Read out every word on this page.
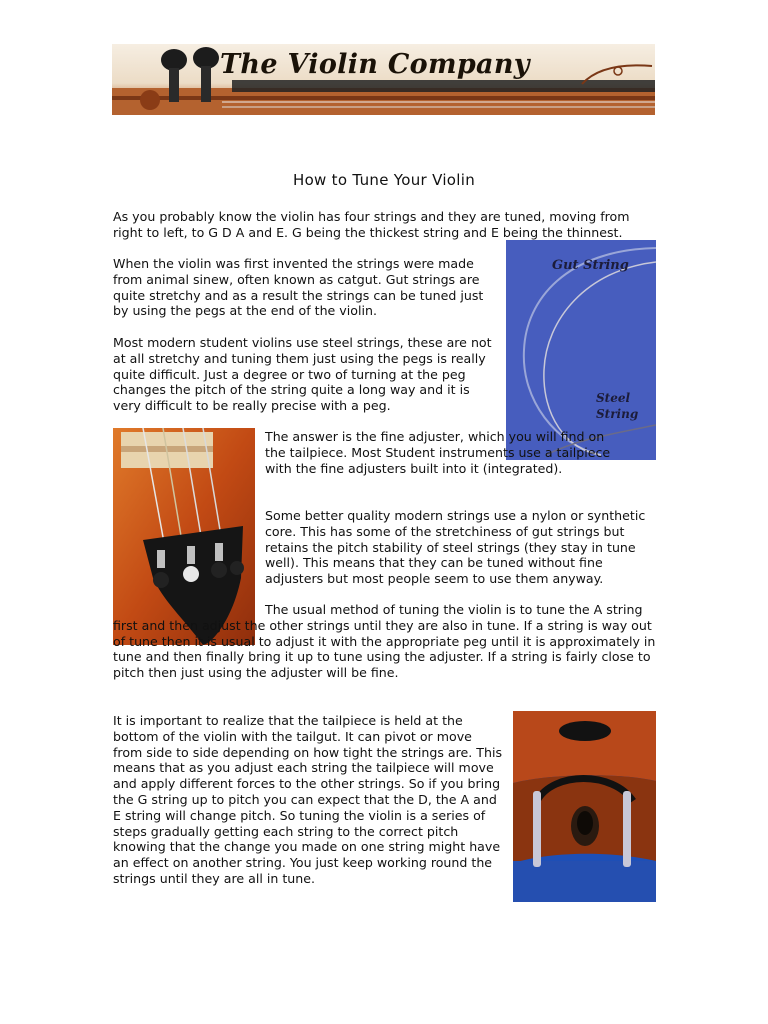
The Violin Company
How to Tune Your Violin

As you probably know the violin has four strings and they are tuned, moving from right to left, to G D A and E. G being the thickest string and E being the thinnest.

Gut String
Steel
String

When the violin was first invented the strings were made from animal sinew, often known as catgut. Gut strings are quite stretchy and as a result the strings can be tuned just by using the pegs at the end of the violin.

Most modern student violins use steel strings, these are not at all stretchy and tuning them just using the pegs is really quite difficult. Just a degree or two of turning at the peg changes the pitch of the string quite a long way and it is very difficult to be really precise with a peg.

The answer is the fine adjuster, which you will find on the tailpiece. Most Student instruments use a tailpiece with the fine adjusters built into it (integrated).

Some better quality modern strings use a nylon or synthetic core. This has some of the stretchiness of gut strings but retains the pitch stability of steel strings (they stay in tune well). This means that they can be tuned without fine adjusters but most people seem to use them anyway.

The usual method of tuning the violin is to tune the A string first and then adjust the other strings until they are also in tune. If a string is way out of tune then it is usual to adjust it with the appropriate peg until it is approximately in tune and then finally bring it up to tune using the adjuster. If a string is fairly close to pitch then just using the adjuster will be fine.

It is important to realize that the tailpiece is held at the bottom of the violin with the tailgut. It can pivot or move from side to side depending on how tight the strings are. This means that as you adjust each string the tailpiece will move and apply different forces to the other strings. So if you bring the G string up to pitch you can expect that the D, the A and E string will change pitch. So tuning the violin is a series of steps gradually getting each string to the correct pitch knowing that the change you made on one string might have an effect on another string. You just keep working round the strings until they are all in tune.
